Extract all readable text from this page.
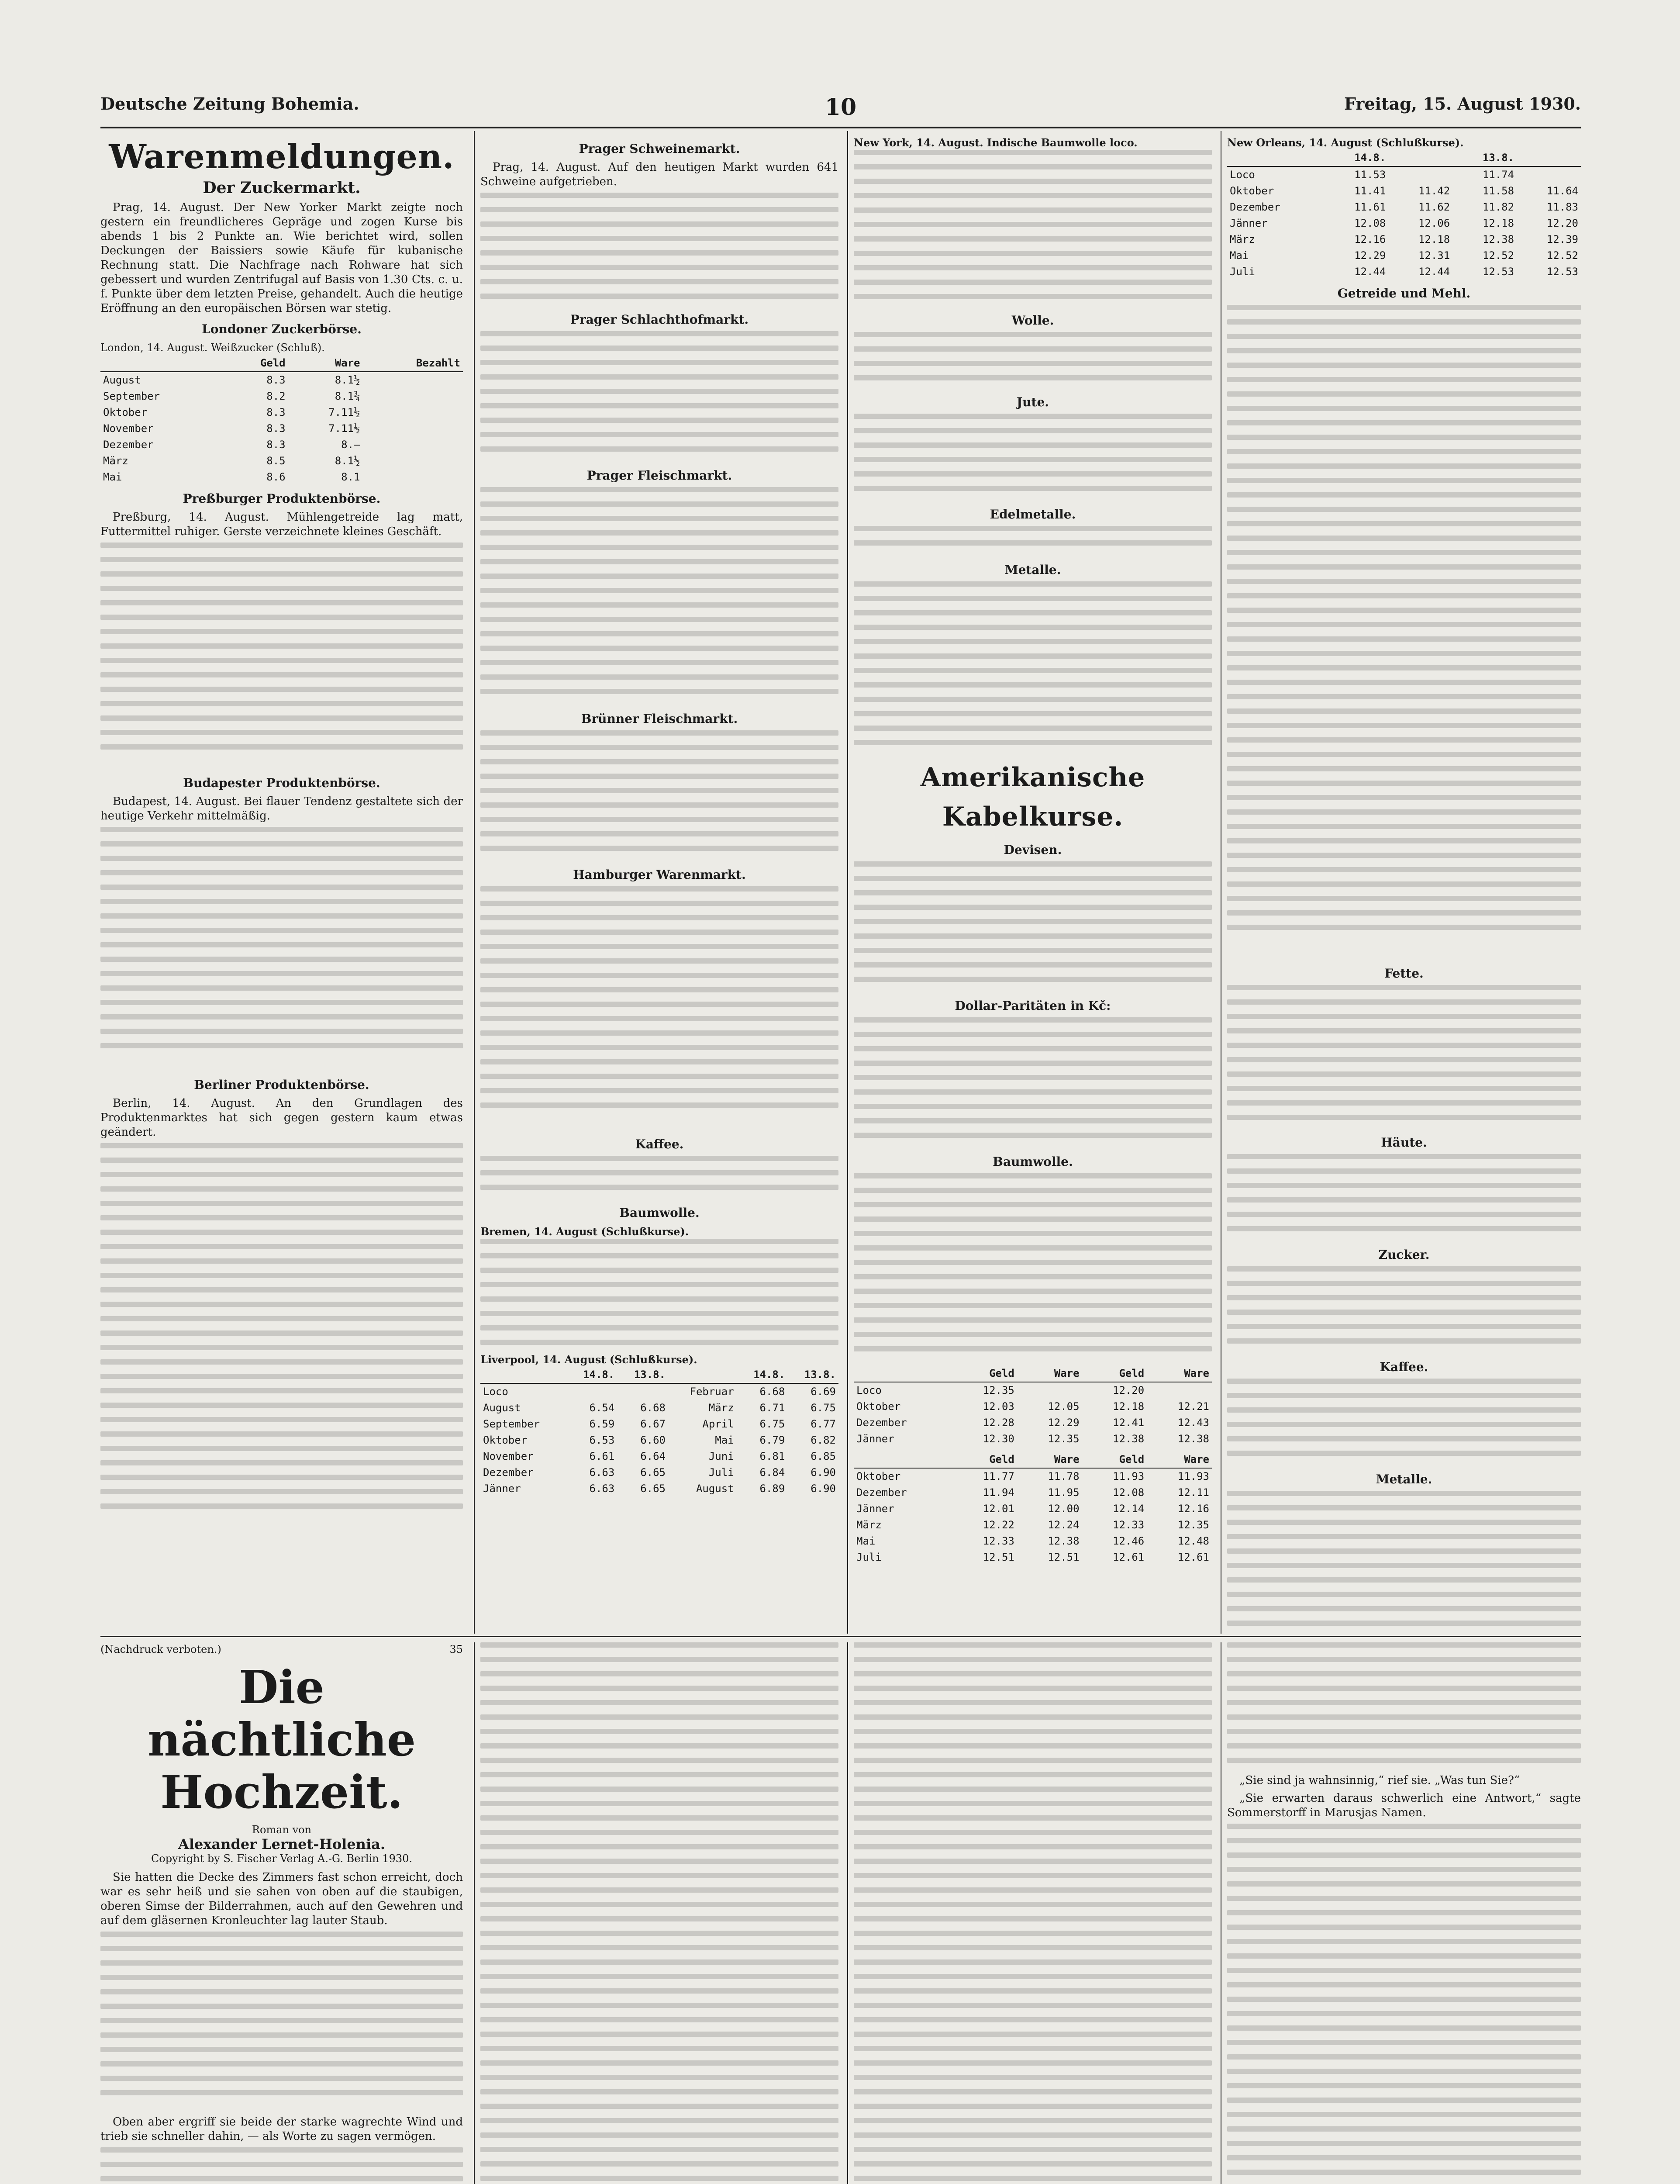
Deutsche Zeitung Bohemia.	10	Freitag, 15. August 1930.
Warenmeldungen.
Der Zuckermarkt.

Prag, 14. August. Der New Yorker Markt zeigte noch gestern ein freundlicheres Gepräge und zogen Kurse bis abends 1 bis 2 Punkte an. Wie berichtet wird, sollen Deckungen der Baissiers sowie Käufe für kubanische Rechnung statt. Die Nachfrage nach Rohware hat sich gebessert und wurden Zentrifugal auf Basis von 1.30 Cts. c. u. f. Punkte über dem letzten Preise, gehandelt. Auch die heutige Eröffnung an den europäischen Börsen war stetig.

Londoner Zuckerbörse.
London, 14. August. Weißzucker (Schluß).
	Geld	Ware	Bezahlt
August	8.3	8.1½	
September	8.2	8.1¾	
Oktober	8.3	7.11½	
November	8.3	7.11½	
Dezember	8.3	8.—	
März	8.5	8.1½	
Mai	8.6	8.1	
Preßburger Produktenbörse.

Preßburg, 14. August. Mühlengetreide lag matt, Futtermittel ruhiger. Gerste verzeichnete kleines Geschäft.

Budapester Produktenbörse.

Budapest, 14. August. Bei flauer Tendenz gestaltete sich der heutige Verkehr mittelmäßig.

Berliner Produktenbörse.

Berlin, 14. August. An den Grundlagen des Produktenmarktes hat sich gegen gestern kaum etwas geändert.

Prager Schweinemarkt.

Prag, 14. August. Auf den heutigen Markt wurden 641 Schweine aufgetrieben.

Prager Schlachthofmarkt.
Prager Fleischmarkt.
Brünner Fleischmarkt.
Hamburger Warenmarkt.
Kaffee.
Baumwolle.
Bremen, 14. August (Schlußkurse).
Liverpool, 14. August (Schlußkurse).
	14.8.	13.8.		14.8.	13.8.
Loco			Februar	6.68	6.69
August	6.54	6.68	März	6.71	6.75
September	6.59	6.67	April	6.75	6.77
Oktober	6.53	6.60	Mai	6.79	6.82
November	6.61	6.64	Juni	6.81	6.85
Dezember	6.63	6.65	Juli	6.84	6.90
Jänner	6.63	6.65	August	6.89	6.90
New York, 14. August. Indische Baumwolle loco.
Wolle.
Jute.
Edelmetalle.
Metalle.
Amerikanische Kabelkurse.
Devisen.
Dollar-Paritäten in Kč:
Baumwolle.
	Geld	Ware	Geld	Ware
Loco	12.35		12.20	
Oktober	12.03	12.05	12.18	12.21
Dezember	12.28	12.29	12.41	12.43
Jänner	12.30	12.35	12.38	12.38
	Geld	Ware	Geld	Ware
Oktober	11.77	11.78	11.93	11.93
Dezember	11.94	11.95	12.08	12.11
Jänner	12.01	12.00	12.14	12.16
März	12.22	12.24	12.33	12.35
Mai	12.33	12.38	12.46	12.48
Juli	12.51	12.51	12.61	12.61
New Orleans, 14. August (Schlußkurse).
	14.8.		13.8.	
Loco	11.53		11.74	
Oktober	11.41	11.42	11.58	11.64
Dezember	11.61	11.62	11.82	11.83
Jänner	12.08	12.06	12.18	12.20
März	12.16	12.18	12.38	12.39
Mai	12.29	12.31	12.52	12.52
Juli	12.44	12.44	12.53	12.53
Getreide und Mehl.
Fette.
Häute.
Zucker.
Kaffee.
Metalle.
(Nachdruck verboten.)	35
Die nächtliche Hochzeit.
Roman von
Alexander Lernet-Holenia.
Copyright by S. Fischer Verlag A.-G. Berlin 1930.

Sie hatten die Decke des Zimmers fast schon erreicht, doch war es sehr heiß und sie sahen von oben auf die staubigen, oberen Simse der Bilderrahmen, auch auf den Gewehren und auf dem gläsernen Kronleuchter lag lauter Staub.

Oben aber ergriff sie beide der starke wagrechte Wind und trieb sie schneller dahin, — als Worte zu sagen vermögen.

„Sie sind ja wahnsinnig,“ rief sie. „Was tun Sie?“

„Sie erwarten daraus schwerlich eine Antwort,“ sagte Sommerstorff in Marusjas Namen.
